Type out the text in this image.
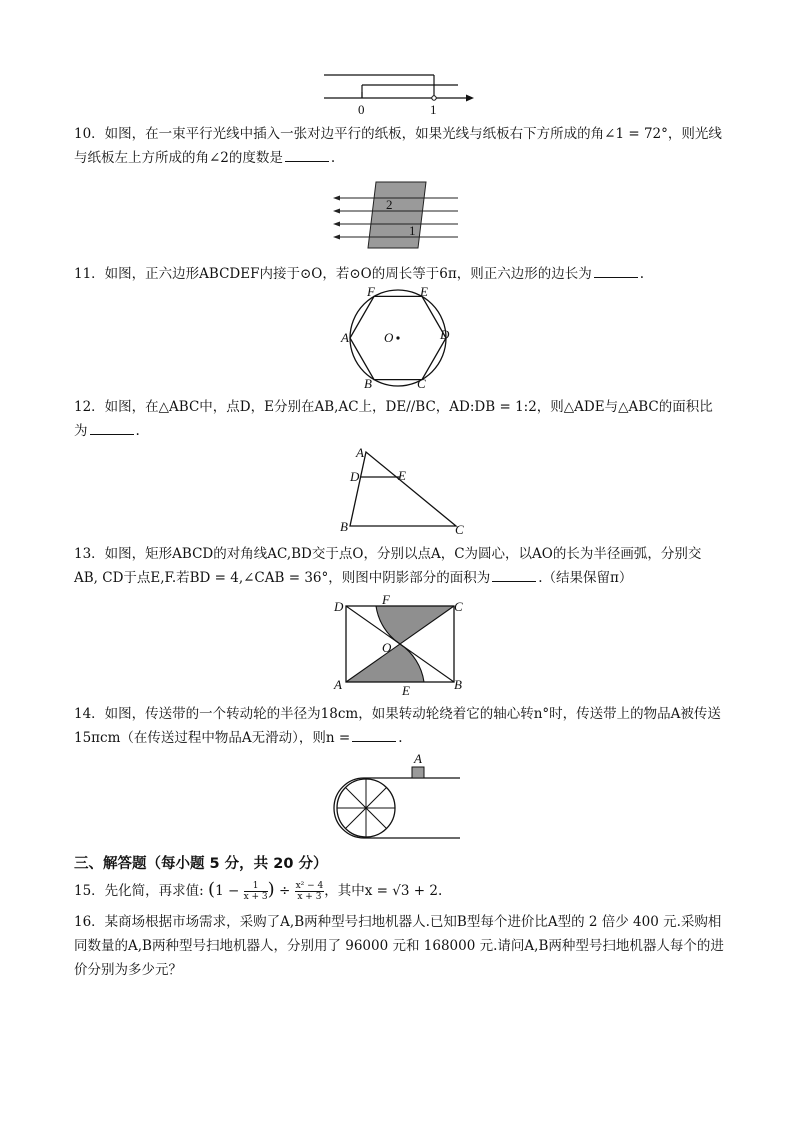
0	1
10．如图，在一束平行光线中插入一张对边平行的纸板，如果光线与纸板右下方所成的角∠1 = 72°，则光线与纸板左上方所成的角∠2的度数是	.
2
1
11．如图，正六边形ABCDEF内接于⊙O，若⊙O的周长等于6π，则正六边形的边长为	.
F	E
A	D
O
B	C
12．如图，在△ABC中，点D，E分别在AB,AC上，DE//BC，AD:DB = 1:2，则△ADE与△ABC的面积比为	.
A
D	E
B	C
13．如图，矩形ABCD的对角线AC,BD交于点O，分别以点A，C为圆心，以AO的长为半径画弧，分别交AB, CD于点E,F.若BD = 4,∠CAB = 36°，则图中阴影部分的面积为	.（结果保留π）
D	F	C
O
A	E	B
14．如图，传送带的一个转动轮的半径为18cm，如果转动轮绕着它的轴心转n°时，传送带上的物品A被传送15πcm（在传送过程中物品A无滑动），则n =	.
A
三、解答题（每小题 5 分，共 20 分）
15．先化简，再求值: ($1 - \frac{1}{x + 3}$ ) ÷ $\frac{\text{x² − 4}}{x + 3}$ ，其中x = √3 + 2.
16．某商场根据市场需求，采购了A,B两种型号扫地机器人.已知B型每个进价比A型的 2 倍少 400 元.采购相同数量的A,B两种型号扫地机器人，分别用了 96000 元和 168000 元.请问A,B两种型号扫地机器人每个的进价分别为多少元？
